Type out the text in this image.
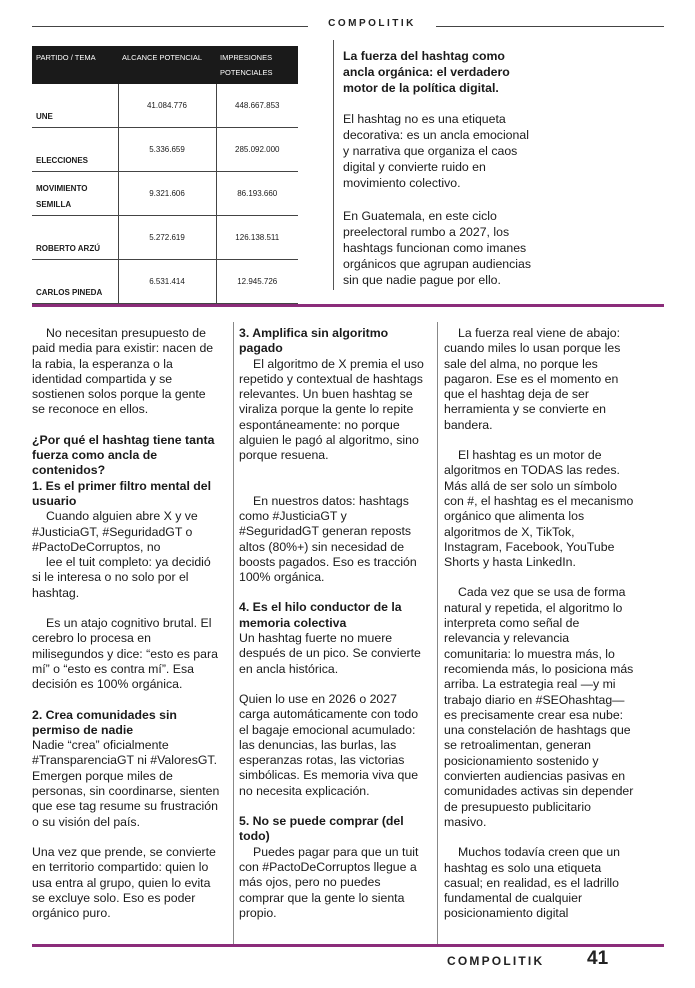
COMPOLITIK
PARTIDO / TEMA	ALCANCE POTENCIAL	IMPRESIONES POTENCIALES
UNE	41.084.776	448.667.853
ELECCIONES	5.336.659	285.092.000
MOVIMIENTO SEMILLA	9.321.606	86.193.660
ROBERTO ARZÚ	5.272.619	126.138.511
CARLOS PINEDA	6.531.414	12.945.726
La fuerza del hashtag como ancla orgánica: el verdadero motor de la política digital.

El hashtag no es una etiqueta decorativa: es un ancla emocional y narrativa que organiza el caos digital y convierte ruido en movimiento colectivo.

En Guatemala, en este ciclo preelectoral rumbo a 2027, los hashtags funcionan como imanes orgánicos que agrupan audiencias sin que nadie pague por ello.

No necesitan presupuesto de paid media para existir: nacen de la rabia, la esperanza o la identidad compartida y se sostienen solos porque la gente se reconoce en ellos.

¿Por qué el hashtag tiene tanta fuerza como ancla de contenidos?
1. Es el primer filtro mental del usuario

Cuando alguien abre X y ve #JusticiaGT, #SeguridadGT o #PactoDeCorruptos, no

lee el tuit completo: ya decidió si le interesa o no solo por el hashtag.

Es un atajo cognitivo brutal. El cerebro lo procesa en milisegundos y dice: “esto es para mí” o “esto es contra mí”. Esa decisión es 100% orgánica.

2. Crea comunidades sin permiso de nadie

Nadie “crea” oficialmente #TransparenciaGT ni #ValoresGT. Emergen porque miles de personas, sin coordinarse, sienten que ese tag resume su frustración o su visión del país.

Una vez que prende, se convierte en territorio compartido: quien lo usa entra al grupo, quien lo evita se excluye solo. Eso es poder orgánico puro.

3. Amplifica sin algoritmo pagado

El algoritmo de X premia el uso repetido y contextual de hashtags relevantes. Un buen hashtag se viraliza porque la gente lo repite espontáneamente: no porque alguien le pagó al algoritmo, sino porque resuena.

En nuestros datos: hashtags como #JusticiaGT y #SeguridadGT generan reposts altos (80%+) sin necesidad de boosts pagados. Eso es tracción 100% orgánica.

4. Es el hilo conductor de la memoria colectiva

Un hashtag fuerte no muere después de un pico. Se convierte en ancla histórica.

Quien lo use en 2026 o 2027 carga automáticamente con todo el bagaje emocional acumulado: las denuncias, las burlas, las esperanzas rotas, las victorias simbólicas. Es memoria viva que no necesita explicación.

5. No se puede comprar (del todo)

Puedes pagar para que un tuit con #PactoDeCorruptos llegue a más ojos, pero no puedes comprar que la gente lo sienta propio.

La fuerza real viene de abajo: cuando miles lo usan porque les sale del alma, no porque les pagaron. Ese es el momento en que el hashtag deja de ser herramienta y se convierte en bandera.

El hashtag es un motor de algoritmos en TODAS las redes. Más allá de ser solo un símbolo con #, el hashtag es el mecanismo orgánico que alimenta los algoritmos de X, TikTok, Instagram, Facebook, YouTube Shorts y hasta LinkedIn.

Cada vez que se usa de forma natural y repetida, el algoritmo lo interpreta como señal de relevancia y relevancia comunitaria: lo muestra más, lo recomienda más, lo posiciona más arriba. La estrategia real —y mi trabajo diario en #SEOhashtag— es precisamente crear esa nube: una constelación de hashtags que se retroalimentan, generan posicionamiento sostenido y convierten audiencias pasivas en comunidades activas sin depender de presupuesto publicitario masivo.

Muchos todavía creen que un hashtag es solo una etiqueta casual; en realidad, es el ladrillo fundamental de cualquier posicionamiento digital

COMPOLITIK 41
